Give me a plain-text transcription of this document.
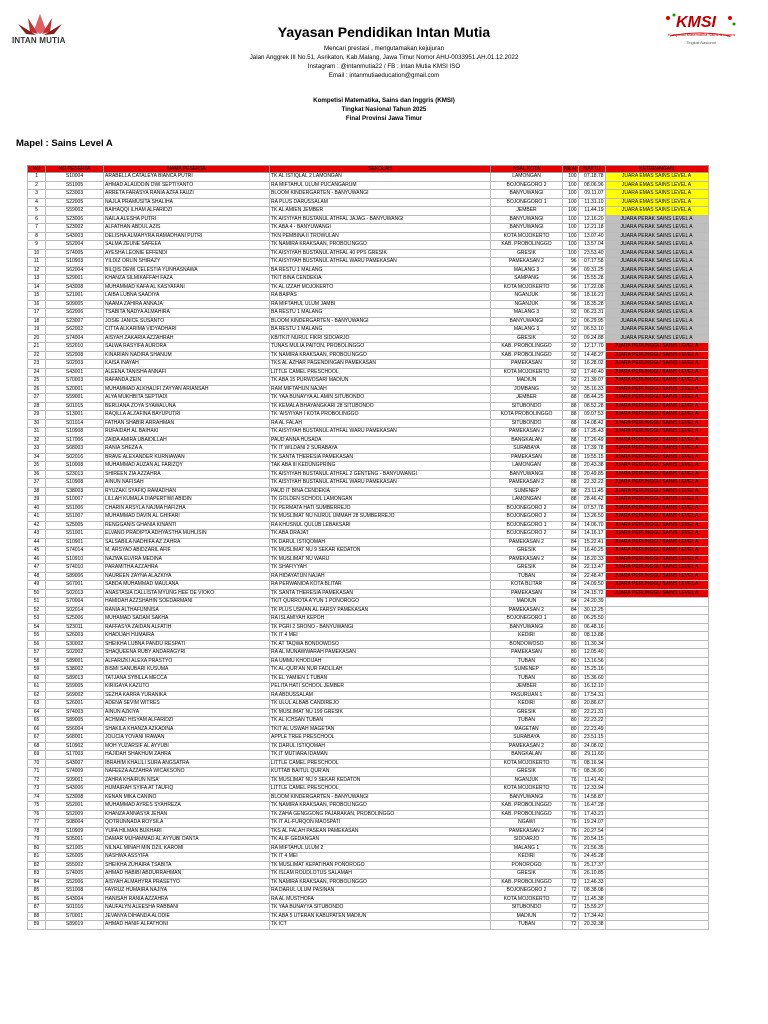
INTAN MUTIA
KMSI
Kompetisi Matematika Sains & Inggris
Tingkat Nasional
Yayasan Pendidikan Intan Mutia
Mencari prestasi , mengutamakan kejujuran
Jalan Anggrek III No.51, Asrikaton, Kab.Malang, Jawa Timur Nomor AHU-0033951.AH.01.12.2022
Instagram : @intanmutia22 / FB : Intan Mutia KMSI ISO
Email : intanmutiaeducation@gmail.com
Kompetisi Matematika, Sains dan Inggris (KMSI)
Tingkat Nasional Tahun 2025
Final Provinsi Jawa Timur
Mapel : Sains Level A
NO	NO PESERTA	NAMA PESERTA	SEKOLAH	ASAL KOTA	NILAI	WAKTU	KETERANGAN
1	S10004	ARABELLA CATALEYA BIANCA PUTRI	TK AL ISTIQLAL 2 LAMONGAN	LAMONGAN	100	07.18.78	JUARA EMAS SAINS LEVEL A
2	S51005	AHMAD ALAUDDIN DWI SEPTIYANTO	RA MIFTAHUL ULUM PUCANGARUM	BOJONEGORO 2	100	08.06.96	JUARA EMAS SAINS LEVEL A
3	S23003	ARRETA FARASYA RANIA AZFA FAUZI	BLOOM KINDERGARTEN - BANYUWANGI	BANYUWANGI	100	09.11.07	JUARA EMAS SAINS LEVEL A
4	S22005	NAJLA PRAMUSITA SHALIHA	RA PLUS DARUSSALAM	BOJONEGORO 1	100	11.31.10	JUARA EMAS SAINS LEVEL A
5	S59002	BAIHAQQI ILHAM ALFARIDZI	TK AL AMIEN JEMBER	JEMBER	100	11.44.19	JUARA EMAS SAINS LEVEL A
6	S23006	NAILA ALESHA PUTRI	TK AISYIYAH BUSTANUL ATHFAL JAJAG - BANYUWANGI	BANYUWANGI	100	12.16.20	JUARA PERAK SAINS LEVEL A
7	S23002	ALFATHAN ABDUL AZIS	TK ABA 4 - BANYUWANGI	BANYUWANGI	100	12.21.18	JUARA PERAK SAINS LEVEL A
8	S43003	DELISHA ALMAHYRA RAMADHANI PUTRI	TKN PEMBINA II TROWULAN	KOTA MOJOKERTO	100	13.07.40	JUARA PERAK SAINS LEVEL A
9	S52004	SALMA ZEUNE SAFEEA	TK NAMIRA KRAKSAAN, PROBOLINGGO	KAB. PROBOLINGGO	100	13.57.04	JUARA PERAK SAINS LEVEL A
10	S74005	AYESHA LEONIE EFFENDI	TK AISYIYAH BUSTANUL ATHFAL 40 PPS GRESIK	GRESIK	100	23.53.40	JUARA PERAK SAINS LEVEL A
11	S10903	YILDIZ ORLIN SHIRAZY	TK AISYIYAH BUSTANUL ATHFAL WARU PAMEKASAN	PAMEKASAN 2	96	07.17.58	JUARA PERAK SAINS LEVEL A
12	S62004	BILQIS DEWI CELESTIA YUNHASNAWA	BA RESTU 1 MALANG	MALANG 3	96	09.31.25	JUARA PERAK SAINS LEVEL A
13	S29001	KHANZA SILMIKAFFAH FAZA	TKIT BINA CENDEKIA	SAMPANG	96	15.55.28	JUARA PERAK SAINS LEVEL A
14	S43008	MUHAMMAD KAFA AL KASYAFANI	TK AL IZZAH MOJOKERTO	KOTA MOJOKERTO	96	17.22.08	JUARA PERAK SAINS LEVEL A
15	S21001	LAIBA LUBNA SAADIYA	RA BAIPAS	NGANJUK	96	18.16.21	JUARA PERAK SAINS LEVEL A
16	S09005	NAAMA ZAHIRA ANNAJA	RA MIFTAHUL ULUM JAMBI	NGANJUK	96	18.35.28	JUARA PERAK SAINS LEVEL A
17	S62006	TSABITA NADYA ALMAHIRA	BA RESTU 1 MALANG	MALANG 3	92	06.23.31	JUARA PERAK SAINS LEVEL A
18	S23007	JOSIE JANICE SUSANTO	BLOOM KINDERGARTEN - BANYUWANGI	BANYUWANGI	92	06.29.95	JUARA PERAK SAINS LEVEL A
19	S62002	CITTA ALKARIMA VIDYADHARI	BA RESTU 1 MALANG	MALANG 3	92	06.53.10	JUARA PERAK SAINS LEVEL A
20	S74004	AISYAH ZAKARIA AZZAHRAH	KB/TKIT NURUL FIKRI SIDOARJO	GRESIK	92	09.24.88	JUARA PERAK SAINS LEVEL A
21	S52010	SALWA RASYIFA AURORA	TUNAS MULIA PAITON, PROBOLINGGO	KAB. PROBOLINGGO	92	12.17.70	JUARA PERUNGGU SAINS LEVEL A
22	S52008	KINARIAN NADIRA SHANUM	TK NAMIRA KRAKSAAN, PROBOLINGGO	KAB. PROBOLINGGO	92	14.48.27	JUARA PERUNGGU SAINS LEVEL A
23	S02003	KAISA INAYAH	TKS AL AZHAR PAGENDINGAN PAMEKASAN	PAMEKASAN	92	16.28.02	JUARA PERUNGGU SAINS LEVEL A
24	S43001	ALEENA TANISHA ANNAFI	LITTLE CAMEL PRESCHOOL	KOTA MOJOKERTO	92	17.40.40	JUARA PERUNGGU SAINS LEVEL A
25	S70003	RAFANDA ZEIN	TK ABA 15 PURWOSARI MADIUN	MADIUN	92	21.39.07	JUARA PERUNGGU SAINS LEVEL A
26	S20001	MUHAMMAD ALKHALIFI ZAYYAN ARIANSAH	RAM MIFTAHUN NAJAH	JOMBANG	92	35.16.33	JUARA PERUNGGU SAINS LEVEL A
27	S59001	ALYA MUKHBITA SEPTIADI	TK YAA BUNAYYA AL AMIN SITUBONDO	JEMBER	88	08.44.25	JUARA PERUNGGU SAINS LEVEL A
28	S01015	BERLIANA ZOYA SYAWALUNA	TK KEMALA BHAYANGKARI 28 SITUBONDO	SITUBONDO	88	08.52.28	JUARA PERUNGGU SAINS LEVEL A
29	S13001	RAQILLA ALZAFINA BAYUPUTRI	TK 'AISYIYAH I KOTA PROBOLINGGO	KOTA PROBOLINGGO	88	09.07.53	JUARA PERUNGGU SAINS LEVEL A
30	S01014	FATHAN SHABIR ARRAHMAN	RA AL FALAH	SITUBONDO	88	14.08.42	JUARA PERUNGGU SAINS LEVEL A
31	S10908	RUFAIDAH AL BAIHAKI	TK AISYIYAH BUSTANUL ATHFAL WARU PAMEKASAN	PAMEKASAN 2	88	17.25.43	JUARA PERUNGGU SAINS LEVEL A
32	S17006	ZAIDA AMIRA UBAIDILLAH	PAUD ANNA HUSADA	BANGKALAN	88	17.26.49	JUARA PERUNGGU SAINS LEVEL A
33	S68003	RANIA SHEZA A.	TK IT WILDANI 2 SURABAYA	SURABAYA	88	17.39.78	JUARA PERUNGGU SAINS LEVEL A
34	S02016	BRAVE ALEXANDER KURNIAWAN	TK SANTA THERESIA PAMEKASAN	PAMEKASAN	88	19.55.15	JUARA PERUNGGU SAINS LEVEL A
35	S10008	MUHAMMAD AUZAN AL FARIZQY	TAK ABA III KEDUNGPRING	LAMONGAN	88	20.43.38	JUARA PERUNGGU SAINS LEVEL A
36	S23013	SHIREEN ZIA AZZAHRA	TK AISYIYAH BUSTANUL ATHFAL 2 GENTENG - BANYUWANGI	BANYUWANGI	88	20.49.85	JUARA PERUNGGU SAINS LEVEL A
37	S10908	AINUN NAFISAH	TK AISYIYAH BUSTANUL ATHFAL WARU PAMEKASAN	PAMEKASAN 2	88	22.32.22	JUARA PERUNGGU SAINS LEVEL A
38	S38003	RYUZAKI SYAFIQ RAMADHAN	PAUD IT BINA CENDEKIA	SUMENEP	88	23.11.45	JUARA PERUNGGU SAINS LEVEL A
39	S10007	LILLAH KUMALA DIAPERTIWI ABIDIN	TK GOLDEN SCHOOL LAMONGAN	LAMONGAN	88	28.46.42	JUARA PERUNGGU SAINS LEVEL A
40	S51006	CHARIN ARSYLA NAJMA HAFIZHA	TK PERMATA HATI SUMBERREJO	BOJONEGORO 2	84	07.57.78	JUARA PERUNGGU SAINS LEVEL A
41	S51007	MUHAMMAD DAVIN AL GHIFARI	TK MUSLIMAT NU NURUL UMMAH 28 SUMBERREJO	BOJONEGORO 2	84	13.26.50	JUARA PERUNGGU SAINS LEVEL A
42	S25005	RENGGANIS GHANIA KINANTI	RA KHUSNUL QULUB LEBAKSARI	BOJONEGORO 1	84	14.06.70	JUARA PERUNGGU SAINS LEVEL A
43	S51001	ELVANO PRADIPTA ADHYASTHA MUHLISIN	TK ABA DRAJAT	BOJONEGORO 2	84	14.16.17	JUARA PERUNGGU SAINS LEVEL A
44	S10901	SALSABILA NADHIFA AZ ZAHRA	TK DARUL ISTIQOMAH	PAMEKASAN 2	84	15.22.41	JUARA PERUNGGU SAINS LEVEL A
45	S74014	M. ARSYAD ABIDZARIL AFIF	TK MUSLIMAT NU 9 SEKAR KEDATON	GRESIK	84	16.40.25	JUARA PERUNGGU SAINS LEVEL A
46	S10910	NAZWA ELVIRA MEDINA	TK MUSLIMAT NU WARU	PAMEKASAN 2	84	18.20.33	JUARA PERUNGGU SAINS LEVEL A
47	S74010	PARAMITHA AZZAHRA	TK SHAFIYYAH	GRESIK	84	22.13.47	JUARA PERUNGGU SAINS LEVEL A
48	S89006	NAUREEN ZAYNA ALAZKIYA	RA HIDAYATUN NAJAH	TUBAN	84	22.48.47	JUARA PERUNGGU SAINS LEVEL A
49	S67001	SABDA MUHAMMAD MAULANA	RA PERWANIDA KOTA BLITAR	KOTA BLITAR	84	24.09.50	JUARA PERUNGGU SAINS LEVEL A
50	S02013	ANASTASIA CALLISTA MYUNG HEE DE VIOKO	TK SANTA THERESIA PAMEKASAN	PAMEKASAN	84	24.15.72	JUARA PERUNGGU SAINS LEVEL A
51	S70004	HAMIDAH AZZSHAHIN SOEDARMANI	TKIT QURROTA A'YUN 1 PONOROGO	MADIUN	84	24.20.39	
52	S02014	RANIA ALTHAFUNNISA	TK PLUS USMAN AL FARSY PAMEKASAN	PAMEKASAN 2	84	30.12.25	
53	S25006	MUHAMAD SADAM SAKHA	RA ISLAMIYAH KEPOH	BOJONEGORO 1	80	06.25.50	
54	S23011	RAFFASYA ZAIDAN ALFATIH	TK PGRI 2 SRONO - BANYUWANGI	BANYUWANGI	80	06.48.16	
55	S26003	KHADIJAH HUMAIRA	TK IT 4 MEI	KEDIRI	80	08.13.88	
56	S30002	SHEIKHA LUBNA PANDU RESPATI	TK AT TAQWA BONDOWOSO	BONDOWOSO	80	11.30.34	
57	S02002	SHAQUEENA RUBY ANDARAGYRI	RA AL MUNAWWARAH PAMEKASAN	PAMEKASAN	80	12.05.40	
58	S89001	ALFARIZKI ALEXA PRASTYO	RA UMMU KHODIJAH	TUBAN	80	13.16.56	
59	S38002	BISMI SANUBARI KUSUMA	TK AL-QUR'AN NUR FADLILAH	SUMENEP	80	15.25.16	
60	S89013	TATJANA SYBILLA MECCA	TK EL YAMIEN 1 TUBAN	TUBAN	80	15.36.60	
61	S59005	KIRIGAYA KAZUTO	PELITA HATI SCHOOL JEMBER	JEMBER	80	16.12.10	
62	S69002	SEZHA KARRA YURANIKA	RA ABDUSSALAM	PASURUAN 1	80	17.54.31	
63	S26001	ADENA SEVIM WITRES	TK ULUL ALBAB CANDIREJO	KEDIRI	80	20.86.67	
64	S74003	AINUN AZKIYA	TK MUSLIMAT NU 199 GRESIK	GRESIK	80	22.21.31	
65	S89005	ACHMAD HISYAM ALFARIDZI	TK AL ICHSAN TUBAN	TUBAN	80	22.23.22	
66	S56004	SHAKILA KHANZA AZKADINA	TKIT AL USWAH MAGETAN	MAGETAN	80	22.23.49	
67	S68001	JOLICIA YOVANI IRAWAN	APPLE TREE PRESCHOOL	SURABAYA	80	23.51.15	
68	S10902	MOH YUZARSIF AL AYYUBI	TK DARUL ISTIQOMAH	PAMEKASAN 2	80	24.08.02	
69	S17003	HAJIDAH SHAKHUM ZAHRA	TK IT MUTIARA IDAMAN	BANGKALAN	80	29.11.60	
70	S43007	IBRAHIM KHALILI SURA ANGSATRA	LITTLE CAMEL PRESCHOOL	KOTA MOJOKERTO	76	08.16.94	
71	S74009	NAFEEZA AZZAHRA WICAKSONO	KUTTAB BAITUL QUR'AN	GRESIK	76	08.36.90	
72	S09001	ZAHRA KHAIRUN NISA'	TK MUSLIMAT NU 9 SEKAR KEDATON	NGANJUK	76	11.41.42	
73	S43006	HUMAIRAH SYIFA AT TAUFIQ	LITTLE CAMEL PRESCHOOL	KOTA MOJOKERTO	76	12.33.94	
74	S23008	KENAN MIKA CANINO	BLOOM KINDERGARTEN - BANYUWANGI	BANYUWANGI	76	14.58.87	
75	S52001	MUHAMMAD AYRES SYAHREZA	TK NAMIRA KRAKSAAN, PROBOLINGGO	KAB. PROBOLINGGO	76	16.47.28	
76	S52009	KHANZA ANNASYA JEHAN	TK ZAHA GENGGONG PAJARAKAN, PROBOLINGGO	KAB. PROBOLINGGO	76	17.43.21	
77	S08004	QOTRUNNADA ROYSILA	TK IT AL-FURQON MAOSPATI	NGAWI	76	19.24.07	
78	S10909	YUFA HILMAN BUKHARI	TKS AL FALAH PASEAN PAMEKASAN	PAMEKASAN 2	76	20.27.54	
79	S05001	DAMAR MUHAMMAD AL AYYUBI DANTA	TK ALIF GEDANGAN	SIDOARJO	76	20.54.15	
80	S21005	NILNAL MINAH MIN DZIL KAROMI	RA MIFTAHUL ULUM 2	MALANG 1	76	21.56.35	
81	S26005	NASHWA ASSYIFA	TK IT 4 MEI	KEDIRI	76	24.45.28	
82	S55002	SHEIKHA ZUHAIRA TSABITA	TK MUSLIMAT KEPATIHAN PONOROGO	PONOROGO	76	25.17.37	
83	S74005	AHMAD HABIBI ABDURRAHMAN	TK ISLAM ROUDLOTUS SALAMAH	GRESIK	76	26.10.85	
84	S52006	AISYAH ALMAHYRA PRASETYO	TK NAMIRA KRAKSAAN, PROBOLINGGO	KAB. PROBOLINGGO	72	12.46.33	
85	S51008	FAYRUZ HUMAIRA NAJIYA	RA DARUL ULUM PASINAN	BOJONEGORO 2	72	08.38.08	
86	S43004	HANISAH RANIA AZZAHRA	RA AL MUSTHOFA	KOTA MOJOKERTO	72	11.45.38	
87	S01016	NAUFALYN ALEESHA RABBANI	TK YAA BUNAYYA SITUBONDO	SITUBONDO	72	15.59.27	
88	S70001	JEVANYA DIHANDA ALODIE	TK ABA 5 UTERAN KABUPATEN MADIUN	MADIUN	72	17.34.42	
89	S89019	AHMAD HANIF ALFATHONI	TK ICT	TUBAN	72	20.32.38	
